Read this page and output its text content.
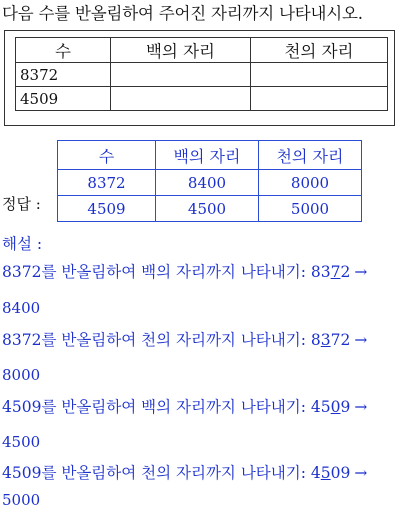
다음 수를 반올림하여 주어진 자리까지 나타내시오.
수	백의 자리	천의 자리
8372		
4509		
정답 :
수	백의 자리	천의 자리
8372	8400	8000
4509	4500	5000
해설 :
8372를 반올림하여 백의 자리까지 나타내기: 8372 →
8400
8372를 반올림하여 천의 자리까지 나타내기: 8372 →
8000
4509를 반올림하여 백의 자리까지 나타내기: 4509 →
4500
4509를 반올림하여 천의 자리까지 나타내기: 4509 →
5000
